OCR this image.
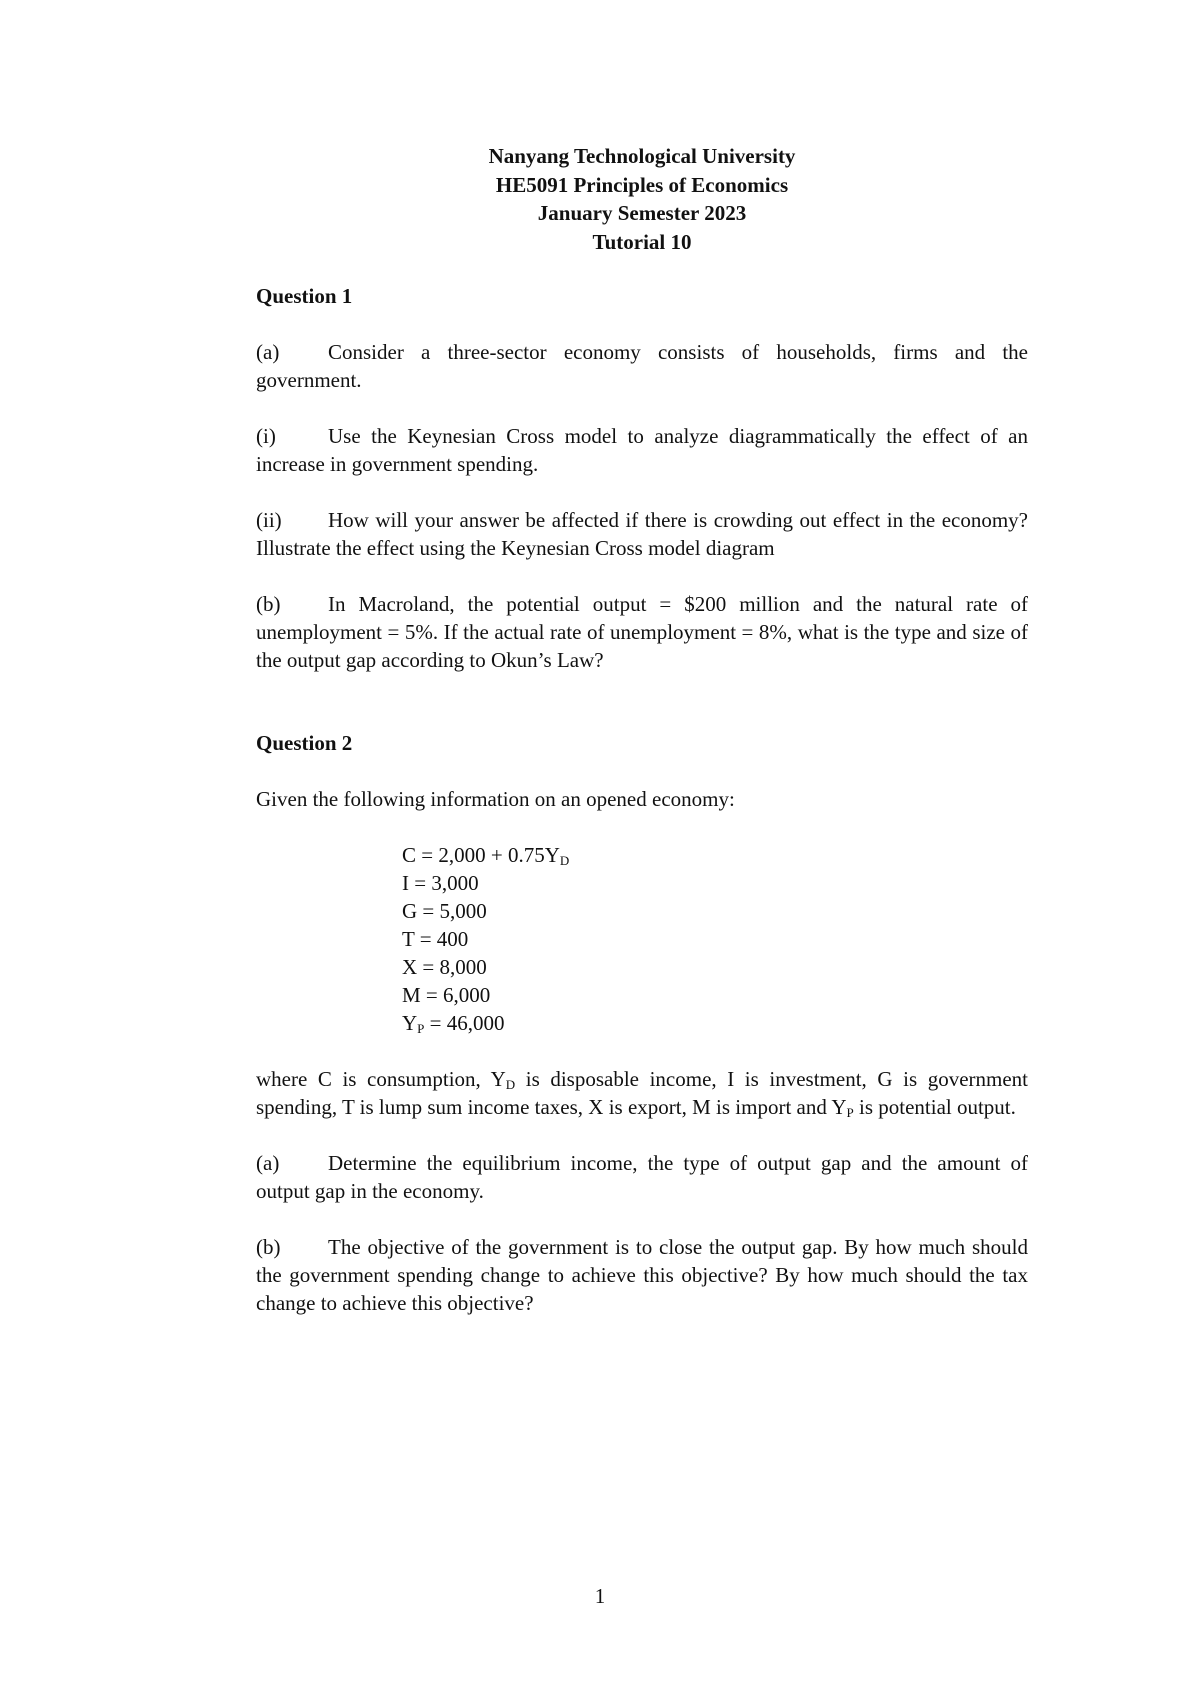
Nanyang Technological University
HE5091 Principles of Economics
January Semester 2023
Tutorial 10
Question 1

(a) Consider a three-sector economy consists of households, firms and the government.

(i) Use the Keynesian Cross model to analyze diagrammatically the effect of an increase in government spending.

(ii) How will your answer be affected if there is crowding out effect in the economy? Illustrate the effect using the Keynesian Cross model diagram

(b) In Macroland, the potential output = $200 million and the natural rate of unemployment = 5%. If the actual rate of unemployment = 8%, what is the type and size of the output gap according to Okun’s Law?

Question 2

Given the following information on an opened economy:

$C = 2,000 + 0.75Y_D$
I = 3,000
G = 5,000
T = 400
X = 8,000
M = 6,000
$Y_P = 46,000$

where C is consumption, $Y_D$ is disposable income, I is investment, G is government spending, T is lump sum income taxes, X is export, M is import and $Y_P$ is potential output.

(a) Determine the equilibrium income, the type of output gap and the amount of output gap in the economy.

(b) The objective of the government is to close the output gap. By how much should the government spending change to achieve this objective? By how much should the tax change to achieve this objective?

1
